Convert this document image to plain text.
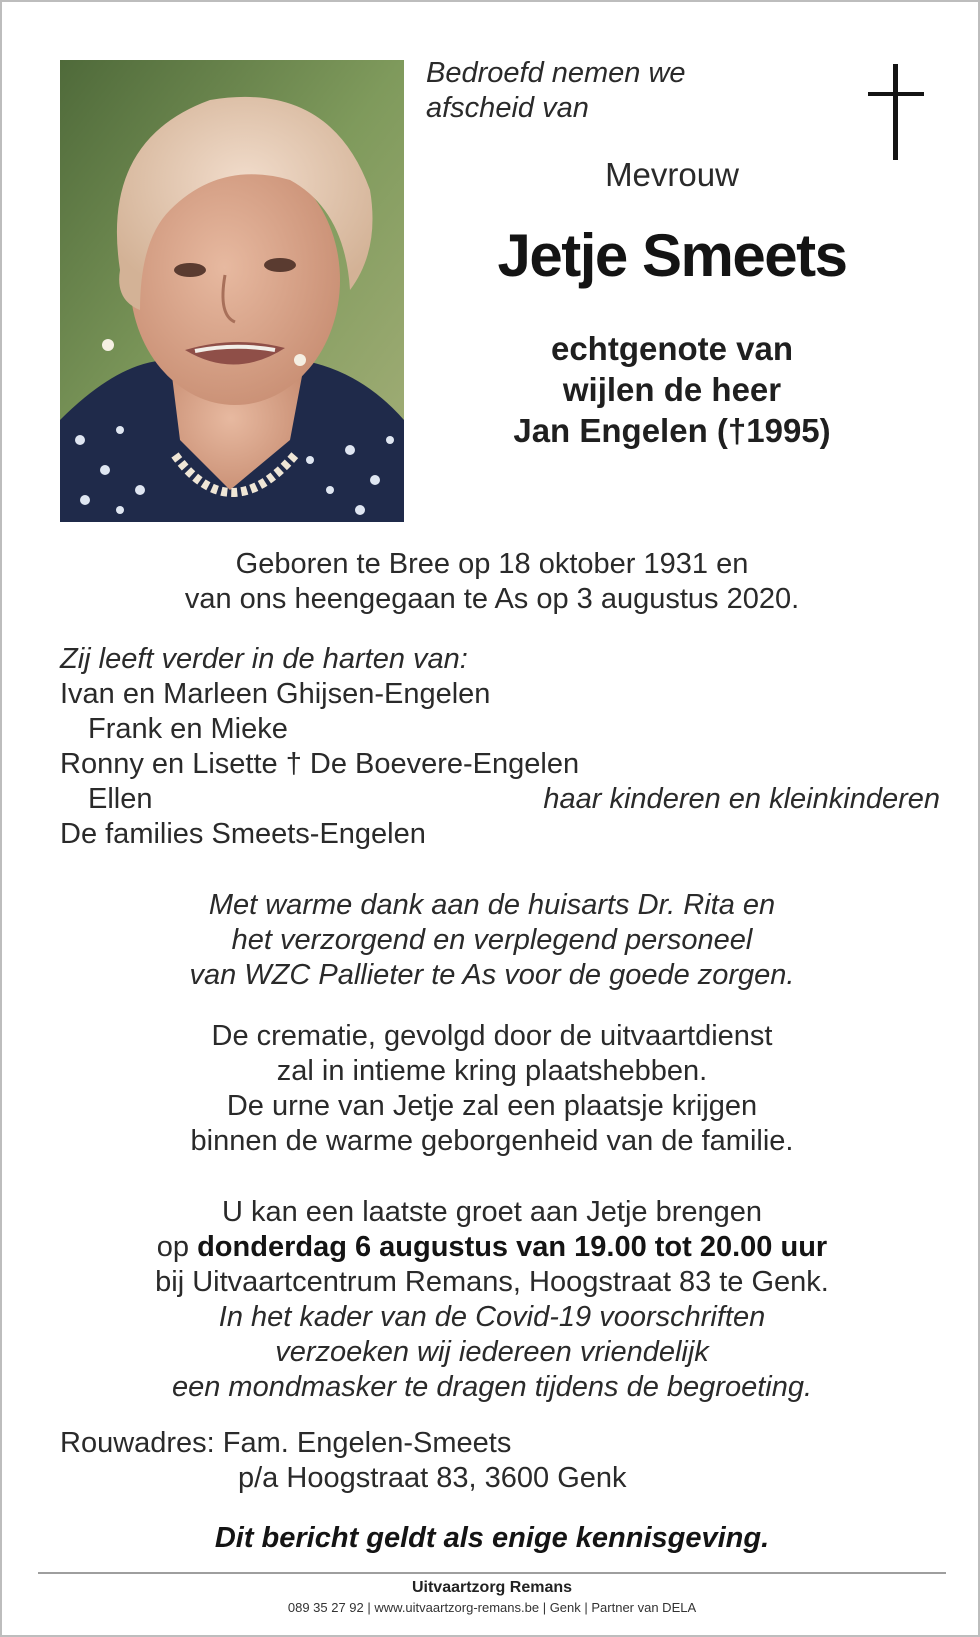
Bedroefd nemen we
afscheid van
Mevrouw
Jetje Smeets
echtgenote van
wijlen de heer
Jan Engelen (†1995)
Geboren te Bree op 18 oktober 1931 en
van ons heengegaan te As op 3 augustus 2020.
Zij leeft verder in de harten van:
Ivan en Marleen Ghijsen-Engelen
Frank en Mieke
Ronny en Lisette † De Boevere-Engelen
Ellen	haar kinderen en kleinkinderen
De families Smeets-Engelen
Met warme dank aan de huisarts Dr. Rita en
het verzorgend en verplegend personeel
van WZC Pallieter te As voor de goede zorgen.
De crematie, gevolgd door de uitvaartdienst
zal in intieme kring plaatshebben.
De urne van Jetje zal een plaatsje krijgen
binnen de warme geborgenheid van de familie.
U kan een laatste groet aan Jetje brengen
op donderdag 6 augustus van 19.00 tot 20.00 uur
bij Uitvaartcentrum Remans, Hoogstraat 83 te Genk.
In het kader van de Covid-19 voorschriften
verzoeken wij iedereen vriendelijk
een mondmasker te dragen tijdens de begroeting.
Rouwadres: Fam. Engelen-Smeets
p/a Hoogstraat 83, 3600 Genk
Dit bericht geldt als enige kennisgeving.
Uitvaartzorg Remans
089 35 27 92 | www.uitvaartzorg-remans.be | Genk | Partner van DELA
